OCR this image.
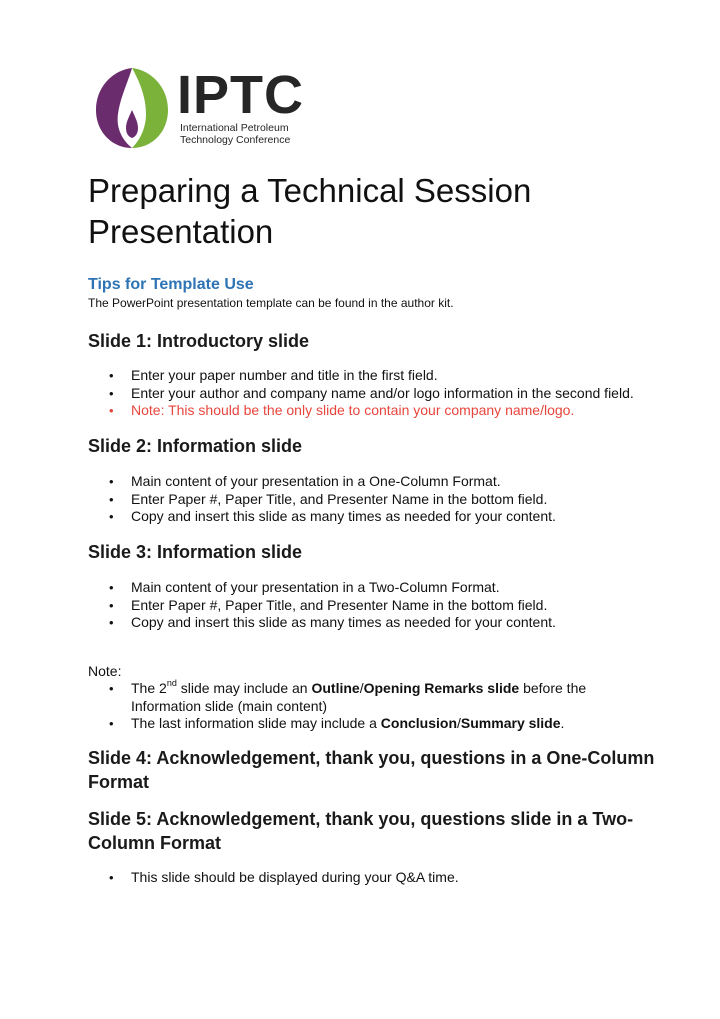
IPTC
International Petroleum
Technology Conference
Preparing a Technical Session Presentation

Tips for Template Use

The PowerPoint presentation template can be found in the author kit.

Slide 1: Introductory slide

• Enter your paper number and title in the first field.
• Enter your author and company name and/or logo information in the second field.
• Note: This should be the only slide to contain your company name/logo.

Slide 2: Information slide

• Main content of your presentation in a One-Column Format.
• Enter Paper #, Paper Title, and Presenter Name in the bottom field.
• Copy and insert this slide as many times as needed for your content.

Slide 3: Information slide

• Main content of your presentation in a Two-Column Format.
• Enter Paper #, Paper Title, and Presenter Name in the bottom field.
• Copy and insert this slide as many times as needed for your content.

Note:

• The 2nd slide may include an Outline/Opening Remarks slide before the Information slide (main content)
• The last information slide may include a Conclusion/Summary slide.

Slide 4: Acknowledgement, thank you, questions in a One-Column Format

Slide 5: Acknowledgement, thank you, questions slide in a Two-Column Format

• This slide should be displayed during your Q&A time.
